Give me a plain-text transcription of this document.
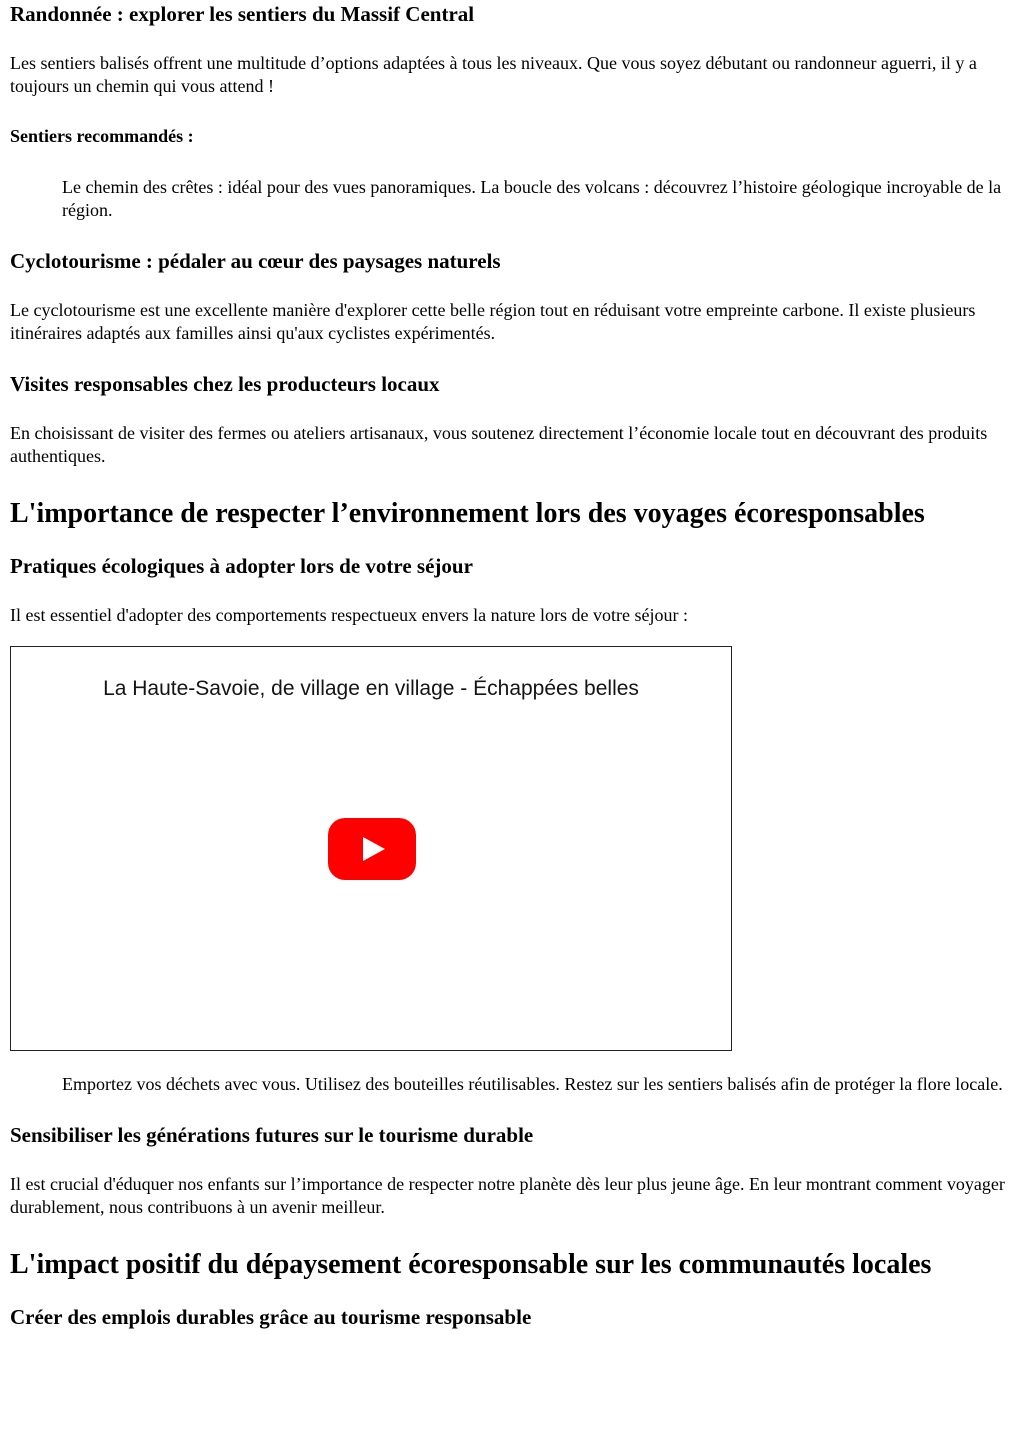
Randonnée : explorer les sentiers du Massif Central

Les sentiers balisés offrent une multitude d’options adaptées à tous les niveaux. Que vous soyez débutant ou randonneur aguerri, il y a toujours un chemin qui vous attend !

Sentiers recommandés :
Le chemin des crêtes : idéal pour des vues panoramiques. La boucle des volcans : découvrez l’histoire géologique incroyable de la région.
Cyclotourisme : pédaler au cœur des paysages naturels

Le cyclotourisme est une excellente manière d'explorer cette belle région tout en réduisant votre empreinte carbone. Il existe plusieurs itinéraires adaptés aux familles ainsi qu'aux cyclistes expérimentés.

Visites responsables chez les producteurs locaux

En choisissant de visiter des fermes ou ateliers artisanaux, vous soutenez directement l’économie locale tout en découvrant des produits authentiques.

L'importance de respecter l’environnement lors des voyages écoresponsables
Pratiques écologiques à adopter lors de votre séjour

Il est essentiel d'adopter des comportements respectueux envers la nature lors de votre séjour :

La Haute-Savoie, de village en village - Échappées belles
Emportez vos déchets avec vous. Utilisez des bouteilles réutilisables. Restez sur les sentiers balisés afin de protéger la flore locale.
Sensibiliser les générations futures sur le tourisme durable

Il est crucial d'éduquer nos enfants sur l’importance de respecter notre planète dès leur plus jeune âge. En leur montrant comment voyager durablement, nous contribuons à un avenir meilleur.

L'impact positif du dépaysement écoresponsable sur les communautés locales
Créer des emplois durables grâce au tourisme responsable
